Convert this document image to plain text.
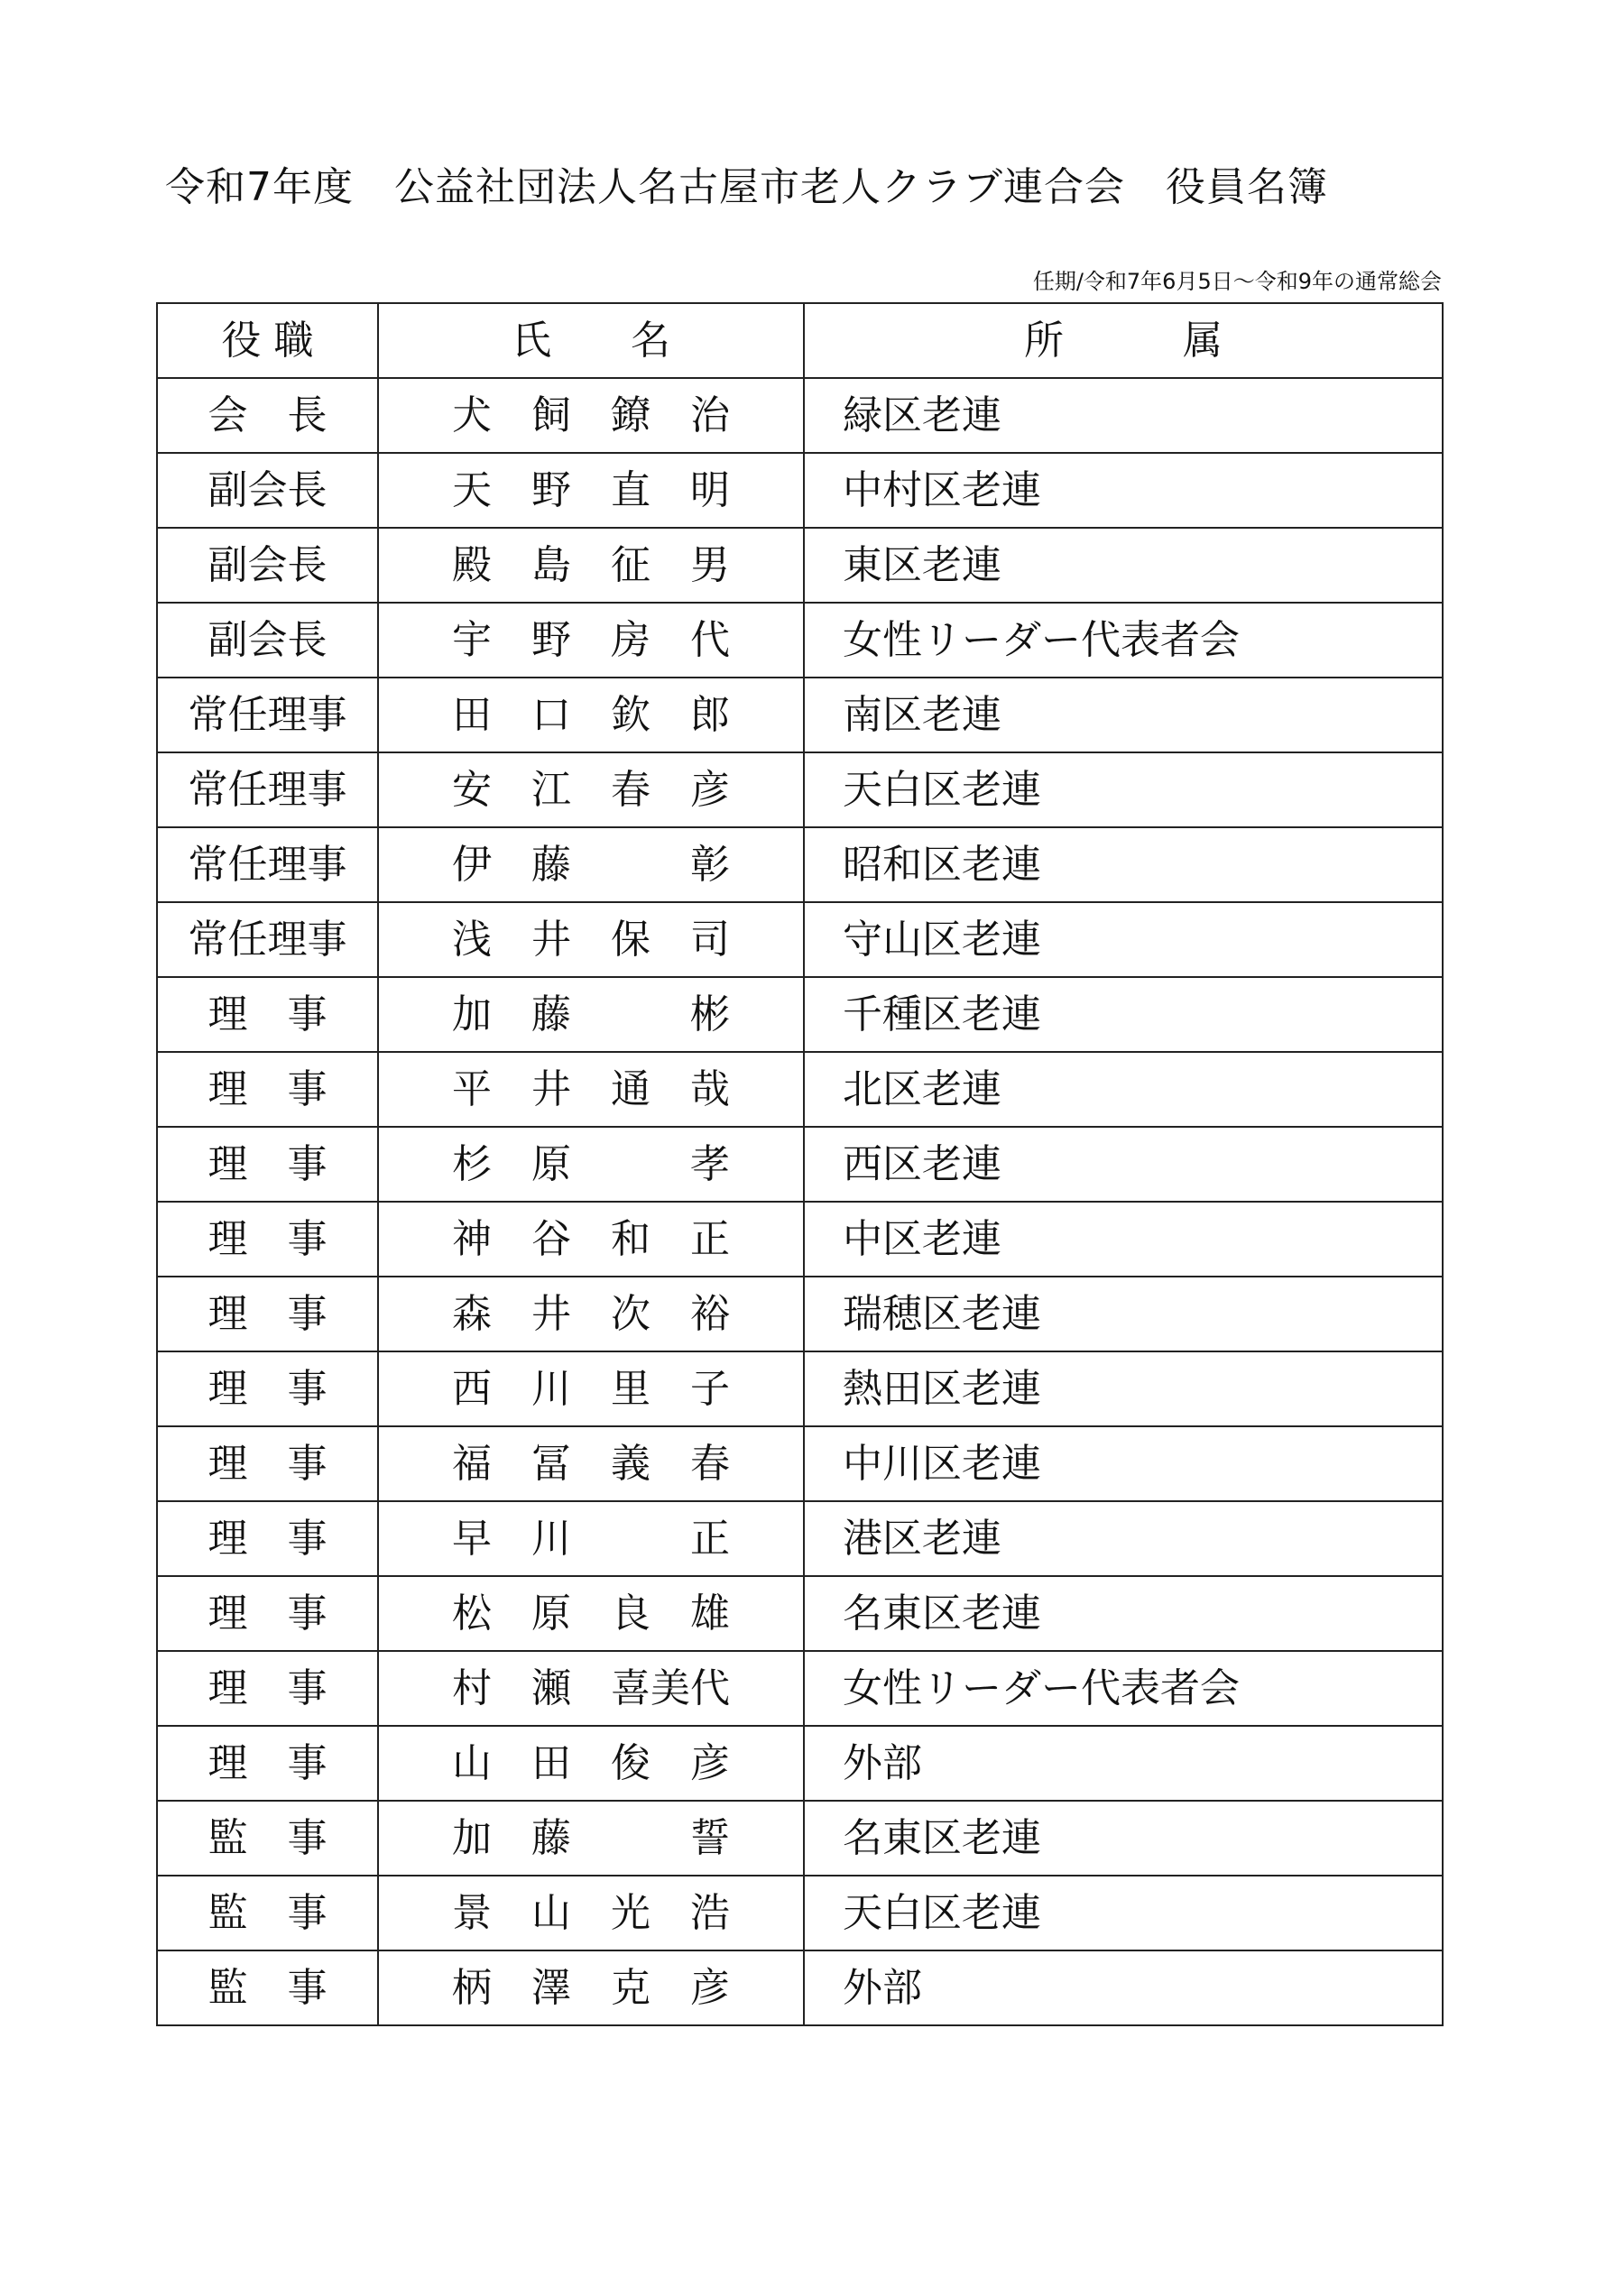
令和7年度　公益社団法人名古屋市老人クラブ連合会　役員名簿
任期/令和7年6月5日～令和9年の通常総会
役 職	氏　　名	所　　　属
会　長	犬　飼　鐐　治	緑区老連
副会長	天　野　直　明	中村区老連
副会長	殿　島　征　男	東区老連
副会長	宇　野　房　代	女性リーダー代表者会
常任理事	田　口　欽　郎	南区老連
常任理事	安　江　春　彦	天白区老連
常任理事	伊　藤　　　彰	昭和区老連
常任理事	浅　井　保　司	守山区老連
理　事	加　藤　　　彬	千種区老連
理　事	平　井　通　哉	北区老連
理　事	杉　原　　　孝	西区老連
理　事	神　谷　和　正	中区老連
理　事	森　井　次　裕	瑞穂区老連
理　事	西　川　里　子	熱田区老連
理　事	福　冨　義　春	中川区老連
理　事	早　川　　　正	港区老連
理　事	松　原　良　雄	名東区老連
理　事	村　瀬　喜美代	女性リーダー代表者会
理　事	山　田　俊　彦	外部
監　事	加　藤　　　誓	名東区老連
監　事	景　山　光　浩	天白区老連
監　事	柄　澤　克　彦	外部
